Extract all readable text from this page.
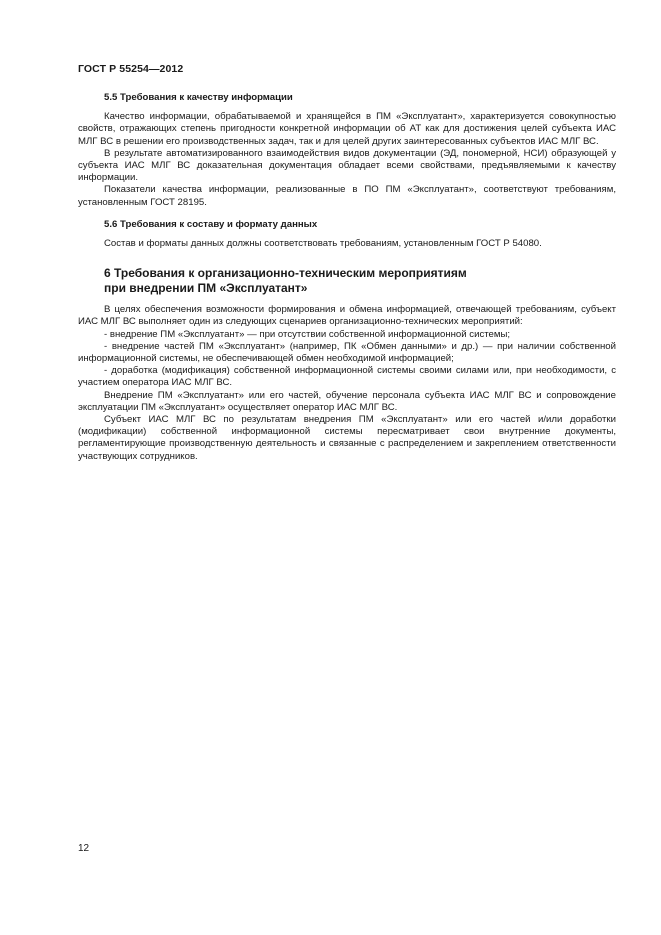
ГОСТ Р 55254—2012
5.5 Требования к качеству информации

Качество информации, обрабатываемой и хранящейся в ПМ «Эксплуатант», характеризуется совокупностью свойств, отражающих степень пригодности конкретной информации об АТ как для достижения целей субъекта ИАС МЛГ ВС в решении его производственных задач, так и для целей других заинтересованных субъектов ИАС МЛГ ВС.

В результате автоматизированного взаимодействия видов документации (ЭД, пономерной, НСИ) образующей у субъекта ИАС МЛГ ВС доказательная документация обладает всеми свойствами, предъявляемыми к качеству информации.

Показатели качества информации, реализованные в ПО ПМ «Эксплуатант», соответствуют требованиям, установленным ГОСТ 28195.

5.6 Требования к составу и формату данных

Состав и форматы данных должны соответствовать требованиям, установленным ГОСТ Р 54080.

6 Требования к организационно-техническим мероприятиям
при внедрении ПМ «Эксплуатант»

В целях обеспечения возможности формирования и обмена информацией, отвечающей требованиям, субъект ИАС МЛГ ВС выполняет один из следующих сценариев организационно-технических мероприятий:

- внедрение ПМ «Эксплуатант» — при отсутствии собственной информационной системы;

- внедрение частей ПМ «Эксплуатант» (например, ПК «Обмен данными» и др.) — при наличии собственной информационной системы, не обеспечивающей обмен необходимой информацией;

- доработка (модификация) собственной информационной системы своими силами или, при необходимости, с участием оператора ИАС МЛГ ВС.

Внедрение ПМ «Эксплуатант» или его частей, обучение персонала субъекта ИАС МЛГ ВС и сопровождение эксплуатации ПМ «Эксплуатант» осуществляет оператор ИАС МЛГ ВС.

Субъект ИАС МЛГ ВС по результатам внедрения ПМ «Эксплуатант» или его частей и/или доработки (модификации) собственной информационной системы пересматривает свои внутренние документы, регламентирующие производственную деятельность и связанные с распределением и закреплением ответственности участвующих сотрудников.

12
